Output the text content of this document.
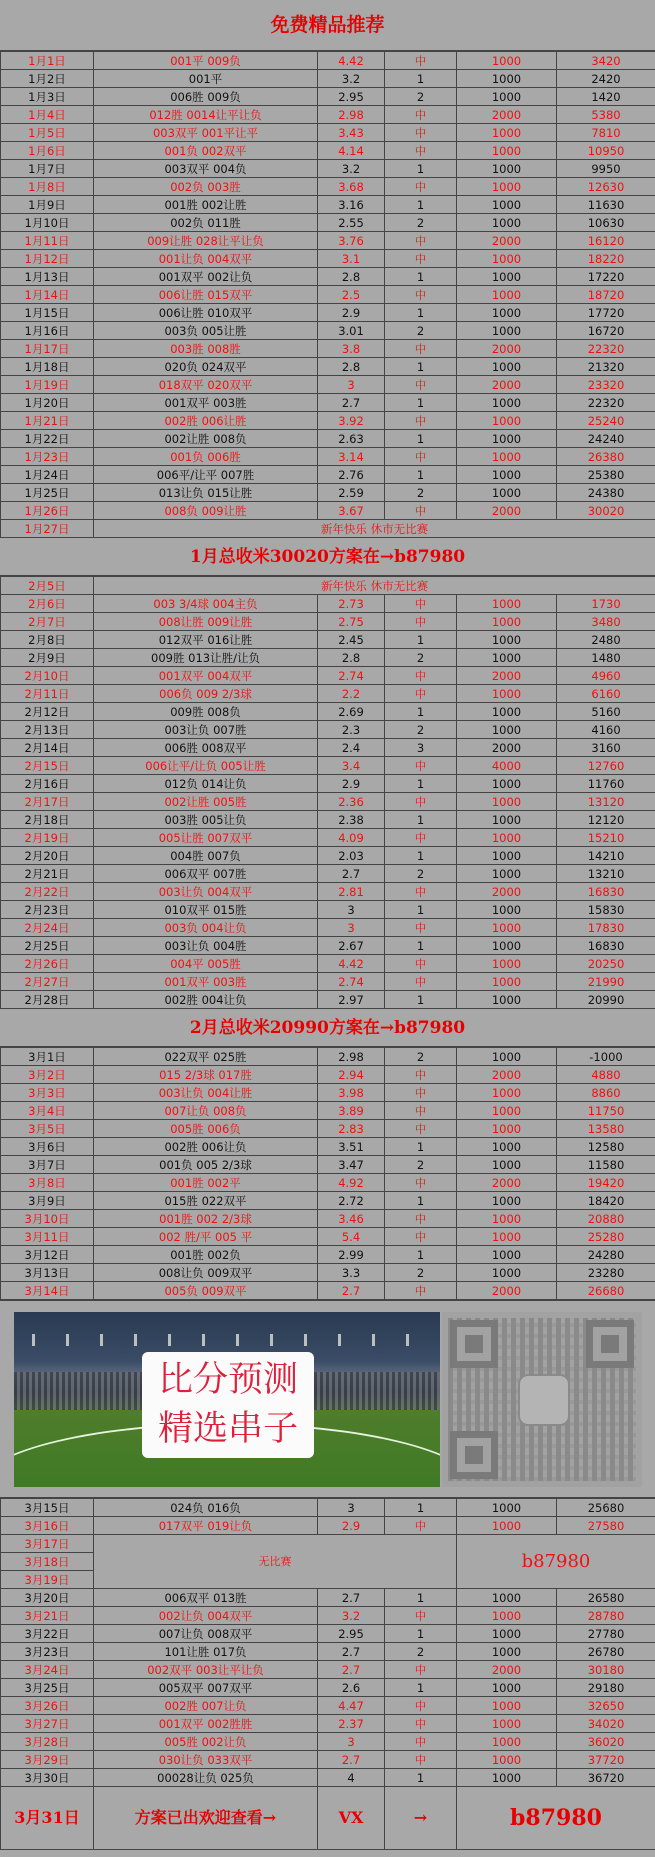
免费精品推荐
1月1日	001平 009负	4.42	中	1000	3420
1月2日	001平	3.2	1	1000	2420
1月3日	006胜 009负	2.95	2	1000	1420
1月4日	012胜 0014让平让负	2.98	中	2000	5380
1月5日	003双平 001平让平	3.43	中	1000	7810
1月6日	001负 002双平	4.14	中	1000	10950
1月7日	003双平 004负	3.2	1	1000	9950
1月8日	002负 003胜	3.68	中	1000	12630
1月9日	001胜 002让胜	3.16	1	1000	11630
1月10日	002负 011胜	2.55	2	1000	10630
1月11日	009让胜 028让平让负	3.76	中	2000	16120
1月12日	001让负 004双平	3.1	中	1000	18220
1月13日	001双平 002让负	2.8	1	1000	17220
1月14日	006让胜 015双平	2.5	中	1000	18720
1月15日	006让胜 010双平	2.9	1	1000	17720
1月16日	003负 005让胜	3.01	2	1000	16720
1月17日	003胜 008胜	3.8	中	2000	22320
1月18日	020负 024双平	2.8	1	1000	21320
1月19日	018双平 020双平	3	中	2000	23320
1月20日	001双平 003胜	2.7	1	1000	22320
1月21日	002胜 006让胜	3.92	中	1000	25240
1月22日	002让胜 008负	2.63	1	1000	24240
1月23日	001负 006胜	3.14	中	1000	26380
1月24日	006平/让平 007胜	2.76	1	1000	25380
1月25日	013让负 015让胜	2.59	2	1000	24380
1月26日	008负 009让胜	3.67	中	2000	30020
1月27日	新年快乐 休市无比赛				
1月总收米30020方案在→b87980
2月5日	新年快乐 休市无比赛				
2月6日	003 3/4球 004主负	2.73	中	1000	1730
2月7日	008让胜 009让胜	2.75	中	1000	3480
2月8日	012双平 016让胜	2.45	1	1000	2480
2月9日	009胜 013让胜/让负	2.8	2	1000	1480
2月10日	001双平 004双平	2.74	中	2000	4960
2月11日	006负 009 2/3球	2.2	中	1000	6160
2月12日	009胜 008负	2.69	1	1000	5160
2月13日	003让负 007胜	2.3	2	1000	4160
2月14日	006胜 008双平	2.4	3	2000	3160
2月15日	006让平/让负 005让胜	3.4	中	4000	12760
2月16日	012负 014让负	2.9	1	1000	11760
2月17日	002让胜 005胜	2.36	中	1000	13120
2月18日	003胜 005让负	2.38	1	1000	12120
2月19日	005让胜 007双平	4.09	中	1000	15210
2月20日	004胜 007负	2.03	1	1000	14210
2月21日	006双平 007胜	2.7	2	1000	13210
2月22日	003让负 004双平	2.81	中	2000	16830
2月23日	010双平 015胜	3	1	1000	15830
2月24日	003负 004让负	3	中	1000	17830
2月25日	003让负 004胜	2.67	1	1000	16830
2月26日	004平 005胜	4.42	中	1000	20250
2月27日	001双平 003胜	2.74	中	1000	21990
2月28日	002胜 004让负	2.97	1	1000	20990
2月总收米20990方案在→b87980
3月1日	022双平 025胜	2.98	2	1000	-1000
3月2日	015 2/3球 017胜	2.94	中	2000	4880
3月3日	003让负 004让胜	3.98	中	1000	8860
3月4日	007让负 008负	3.89	中	1000	11750
3月5日	005胜 006负	2.83	中	1000	13580
3月6日	002胜 006让负	3.51	1	1000	12580
3月7日	001负 005 2/3球	3.47	2	1000	11580
3月8日	001胜 002平	4.92	中	2000	19420
3月9日	015胜 022双平	2.72	1	1000	18420
3月10日	001胜 002 2/3球	3.46	中	1000	20880
3月11日	002 胜/平 005 平	5.4	中	1000	25280
3月12日	001胜 002负	2.99	1	1000	24280
3月13日	008让负 009双平	3.3	2	1000	23280
3月14日	005负 009双平	2.7	中	2000	26680
比分预测
精选串子
3月15日	024负 016负	3	1	1000	25680
3月16日	017双平 019让负	2.9	中	1000	27580
3月17日	无比赛			b87980	
3月18日					
3月19日					
3月20日	006双平 013胜	2.7	1	1000	26580
3月21日	002让负 004双平	3.2	中	1000	28780
3月22日	007让负 008双平	2.95	1	1000	27780
3月23日	101让胜 017负	2.7	2	1000	26780
3月24日	002双平 003让平让负	2.7	中	2000	30180
3月25日	005双平 007双平	2.6	1	1000	29180
3月26日	002胜 007让负	4.47	中	1000	32650
3月27日	001双平 002胜胜	2.37	中	1000	34020
3月28日	005胜 002让负	3	中	1000	36020
3月29日	030让负 033双平	2.7	中	1000	37720
3月30日	00028让负 025负	4	1	1000	36720
3月31日	方案已出欢迎查看→	VX	→	b87980	
